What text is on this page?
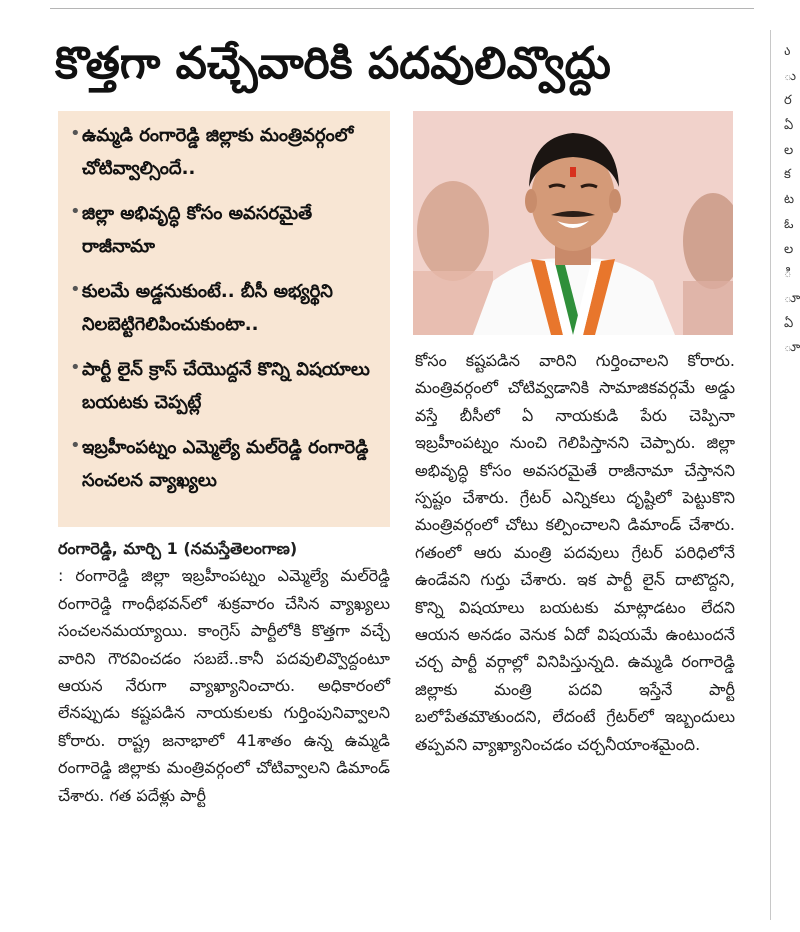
ა
ు
ర
ఏ
ల
క
ట
ఓ
ల
ి
ూ
ఏ
ూ
కొత్తగా వచ్చేవారికి పదవులివ్వొద్దు
• ఉమ్మడి రంగారెడ్డి జిల్లాకు మంత్రివర్గంలో చోటివ్వాల్సిందే..
• జిల్లా అభివృద్ధి కోసం అవసరమైతే రాజీనామా
• కులమే అడ్డనుకుంటే.. బీసీ అభ్యర్థిని నిలబెట్టిగెలిపించుకుంటా..
• పార్టీ లైన్ క్రాస్ చేయొద్దనే కొన్ని విషయాలు బయటకు చెప్పట్లే
• ఇబ్రహీంపట్నం ఎమ్మెల్యే మల్‌రెడ్డి రంగారెడ్డి సంచలన వ్యాఖ్యలు

రంగారెడ్డి, మార్చి 1 (నమస్తేతెలంగాణ)

: రంగారెడ్డి జిల్లా ఇబ్రహీంపట్నం ఎమ్మెల్యే మల్‌రెడ్డి రంగారెడ్డి గాంధీభవన్‌లో శుక్రవారం చేసిన వ్యాఖ్యలు సంచలనమయ్యాయి. కాంగ్రెస్ పార్టీలోకి కొత్తగా వచ్చే వారిని గౌరవించడం సబబే..కానీ పదవులివ్వొద్దంటూ ఆయన నేరుగా వ్యాఖ్యానించారు. అధికారంలో లేనప్పుడు కష్టపడిన నాయకులకు గుర్తింపునివ్వాలని కోరారు. రాష్ట్ర జనాభాలో 41శాతం ఉన్న ఉమ్మడి రంగారెడ్డి జిల్లాకు మంత్రివర్గంలో చోటివ్వాలని డిమాండ్ చేశారు. గత పదేళ్లు పార్టీ

కోసం కష్టపడిన వారిని గుర్తించాలని కోరారు. మంత్రివర్గంలో చోటివ్వడానికి సామాజికవర్గమే అడ్డు వస్తే బీసీలో ఏ నాయకుడి పేరు చెప్పినా ఇబ్రహీంపట్నం నుంచి గెలిపిస్తానని చెప్పారు. జిల్లా అభివృద్ధి కోసం అవసరమైతే రాజీనామా చేస్తానని స్పష్టం చేశారు. గ్రేటర్ ఎన్నికలు దృష్టిలో పెట్టుకొని మంత్రివర్గంలో చోటు కల్పించాలని డిమాండ్ చేశారు. గతంలో ఆరు మంత్రి పదవులు గ్రేటర్ పరిధిలోనే ఉండేవని గుర్తు చేశారు. ఇక పార్టీ లైన్ దాటొద్దని, కొన్ని విషయాలు బయటకు మాట్లాడటం లేదని ఆయన అనడం వెనుక ఏదో విషయమే ఉంటుందనే చర్చ పార్టీ వర్గాల్లో వినిపిస్తున్నది. ఉమ్మడి రంగారెడ్డి జిల్లాకు మంత్రి పదవి ఇస్తేనే పార్టీ బలోపేతమౌతుందని, లేదంటే గ్రేటర్‌లో ఇబ్బందులు తప్పవని వ్యాఖ్యానించడం చర్చనీయాంశమైంది.
